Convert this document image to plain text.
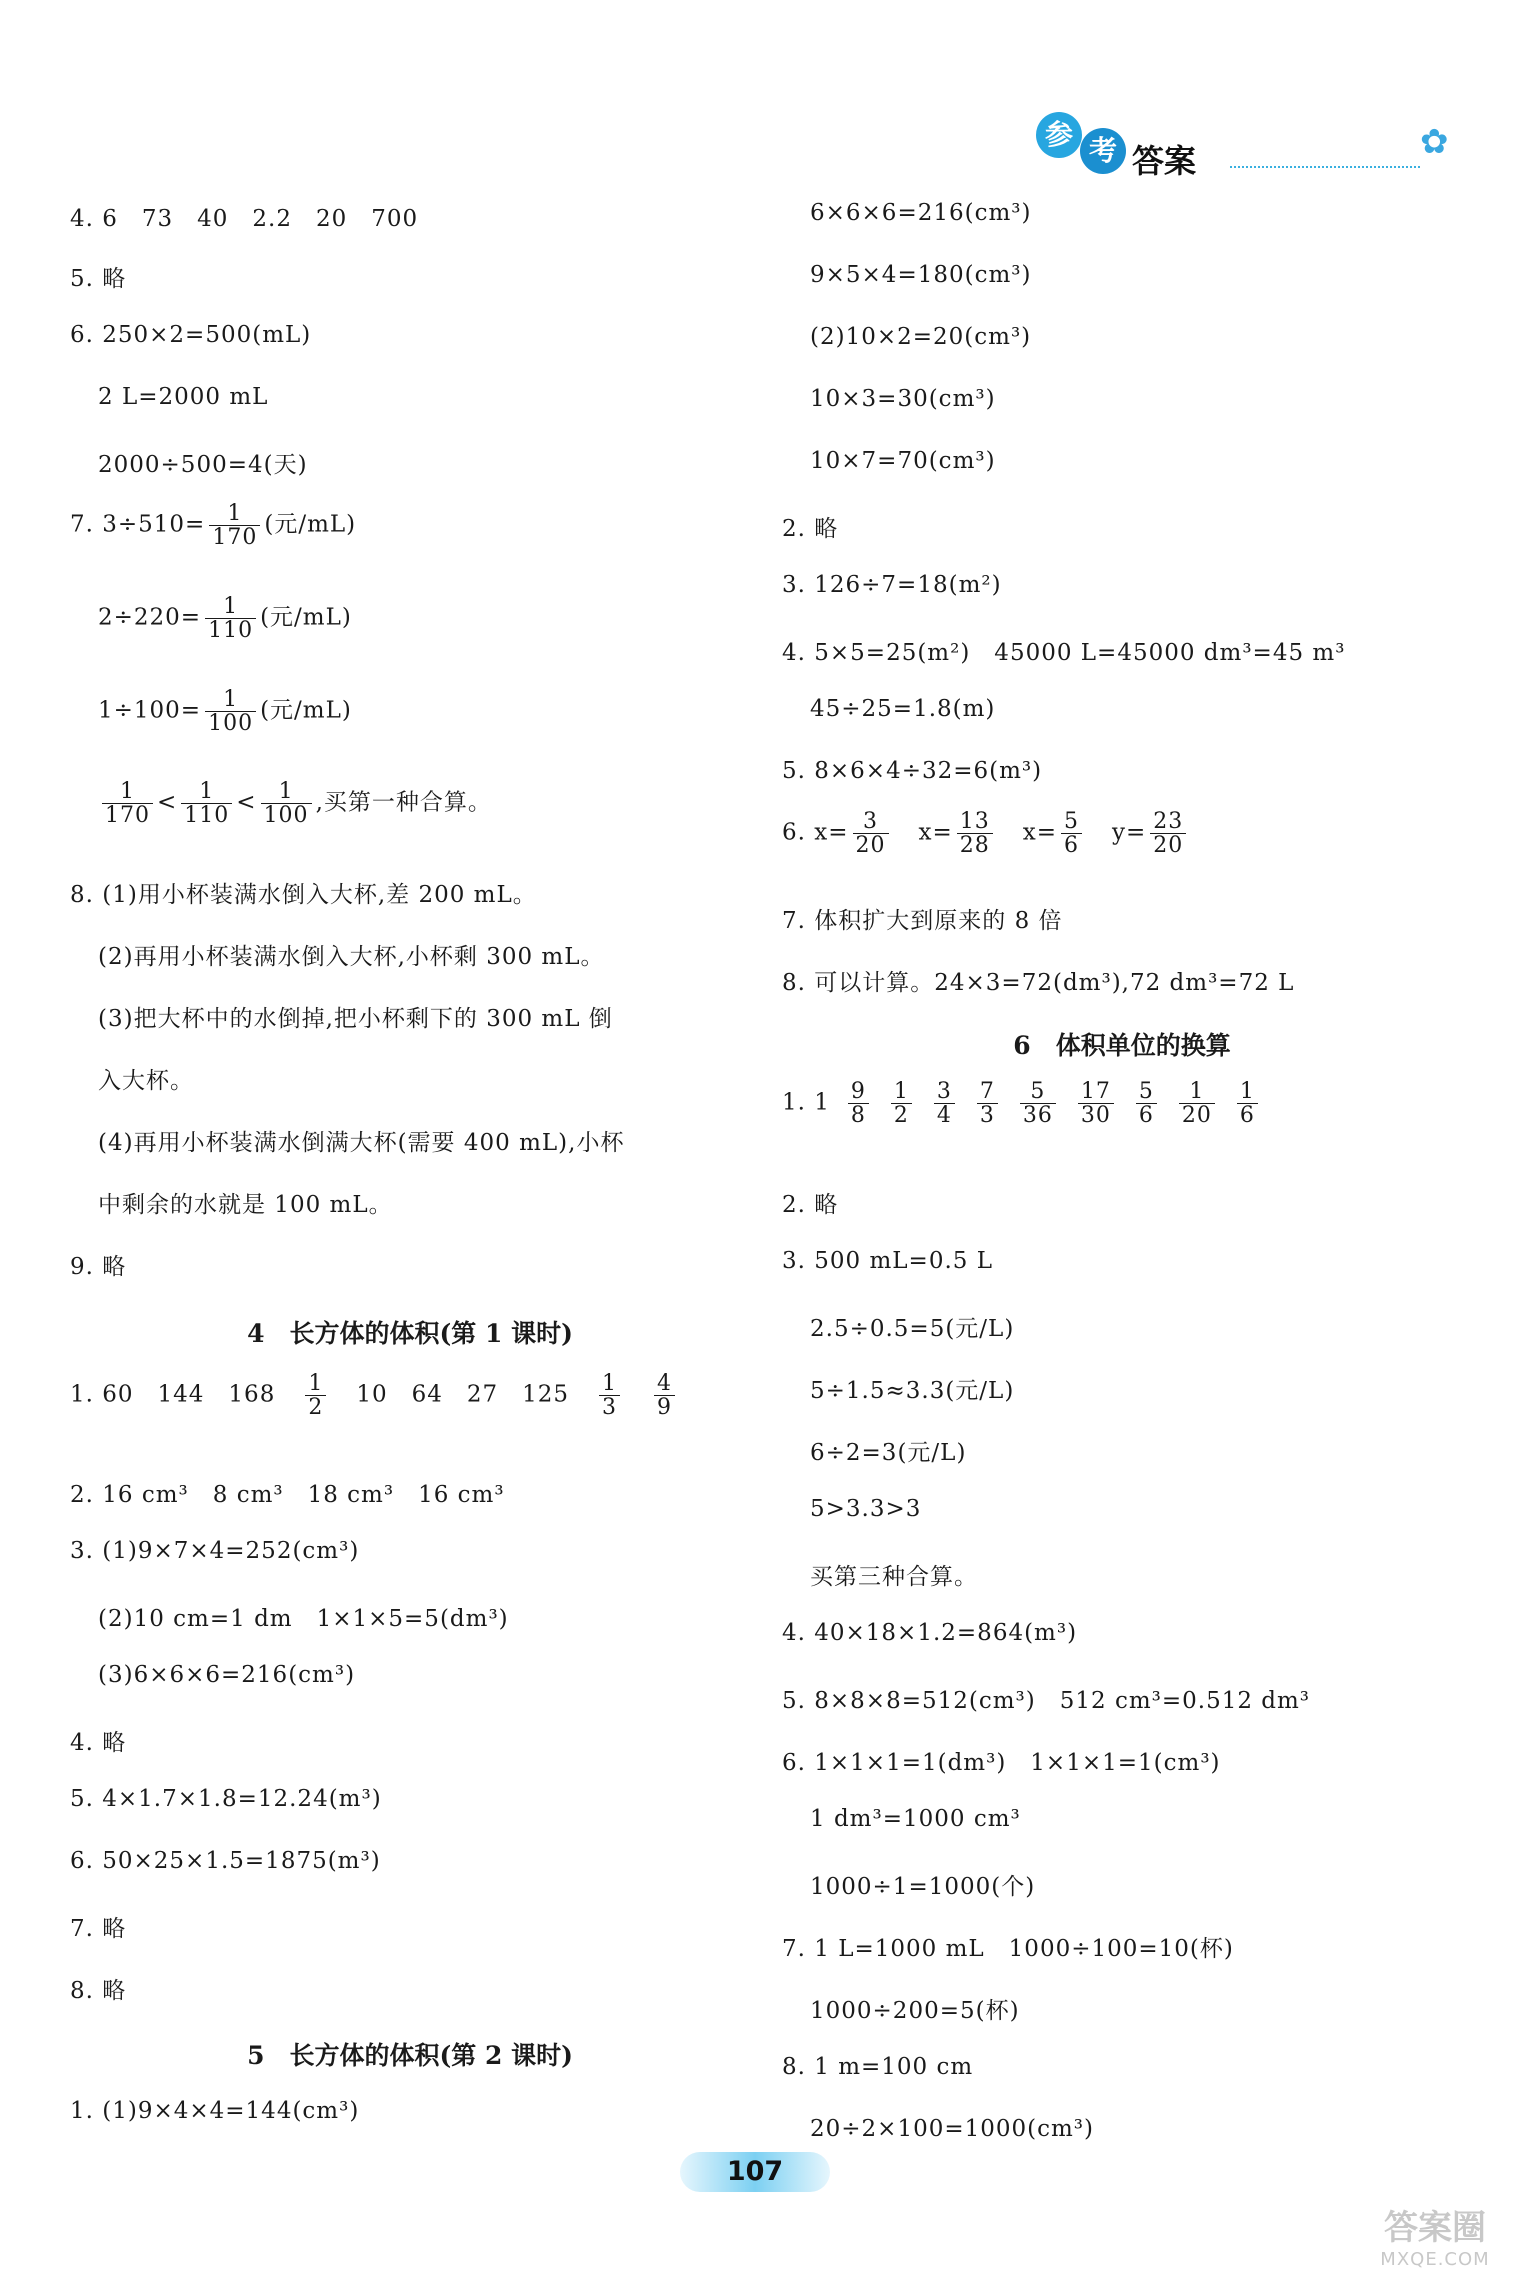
参 考 答案	✿
4. 6　73　40　2.2　20　700
5. 略
6. 250×2=500(mL)
2 L=2000 mL
2000÷500=4(天)
7. $3\div 510= \frac{1}{170}$ (元/mL)
$2\div 220= \frac{1}{110}$ (元/mL)
$1\div 100= \frac{1}{100}$ (元/mL)
$\frac{1}{170} < \frac{1}{110} < \frac{1}{100}$ ,买第一种合算。
8. (1)用小杯装满水倒入大杯,差 200 mL。
(2)再用小杯装满水倒入大杯,小杯剩 300 mL。
(3)把大杯中的水倒掉,把小杯剩下的 300 mL 倒
入大杯。
(4)再用小杯装满水倒满大杯(需要 400 mL),小杯
中剩余的水就是 100 mL。
9. 略
4　长方体的体积(第 1 课时)
1. 60　144　$168 \frac{1}{2} 10$　64　27　$125 \frac{1}{3} \frac{4}{9}$
2. 16 cm³　8 cm³　18 cm³　16 cm³
3. (1)9×7×4=252(cm³)
(2)10 cm=1 dm　1×1×5=5(dm³)
(3)6×6×6=216(cm³)
4. 略
5. 4×1.7×1.8=12.24(m³)
6. 50×25×1.5=1875(m³)
7. 略
8. 略
5　长方体的体积(第 2 课时)
1. (1)9×4×4=144(cm³)
6×6×6=216(cm³)
9×5×4=180(cm³)
(2)10×2=20(cm³)
10×3=30(cm³)
10×7=70(cm³)
2. 略
3. 126÷7=18(m²)
4. 5×5=25(m²)　45000 L=45000 dm³=45 m³
45÷25=1.8(m)
5. 8×6×4÷32=6(m³)
6. $x= \frac{3}{20} x= \frac{13}{28} x= \frac{5}{6} y= \frac{23}{20}$
7. 体积扩大到原来的 8 倍
8. 可以计算。24×3=72(dm³),72 dm³=72 L
6　体积单位的换算
1. $1 \frac{9}{8} \frac{1}{2} \frac{3}{4} \frac{7}{3} \frac{5}{36} \frac{17}{30} \frac{5}{6} \frac{1}{20} \frac{1}{6}$
2. 略
3. 500 mL=0.5 L
2.5÷0.5=5(元/L)
5÷1.5≈3.3(元/L)
6÷2=3(元/L)
5>3.3>3
买第三种合算。
4. 40×18×1.2=864(m³)
5. 8×8×8=512(cm³)　512 cm³=0.512 dm³
6. 1×1×1=1(dm³)　1×1×1=1(cm³)
1 dm³=1000 cm³
1000÷1=1000(个)
7. 1 L=1000 mL　1000÷100=10(杯)
1000÷200=5(杯)
8. 1 m=100 cm
20÷2×100=1000(cm³)
107
答案圈
MXQE.COM
